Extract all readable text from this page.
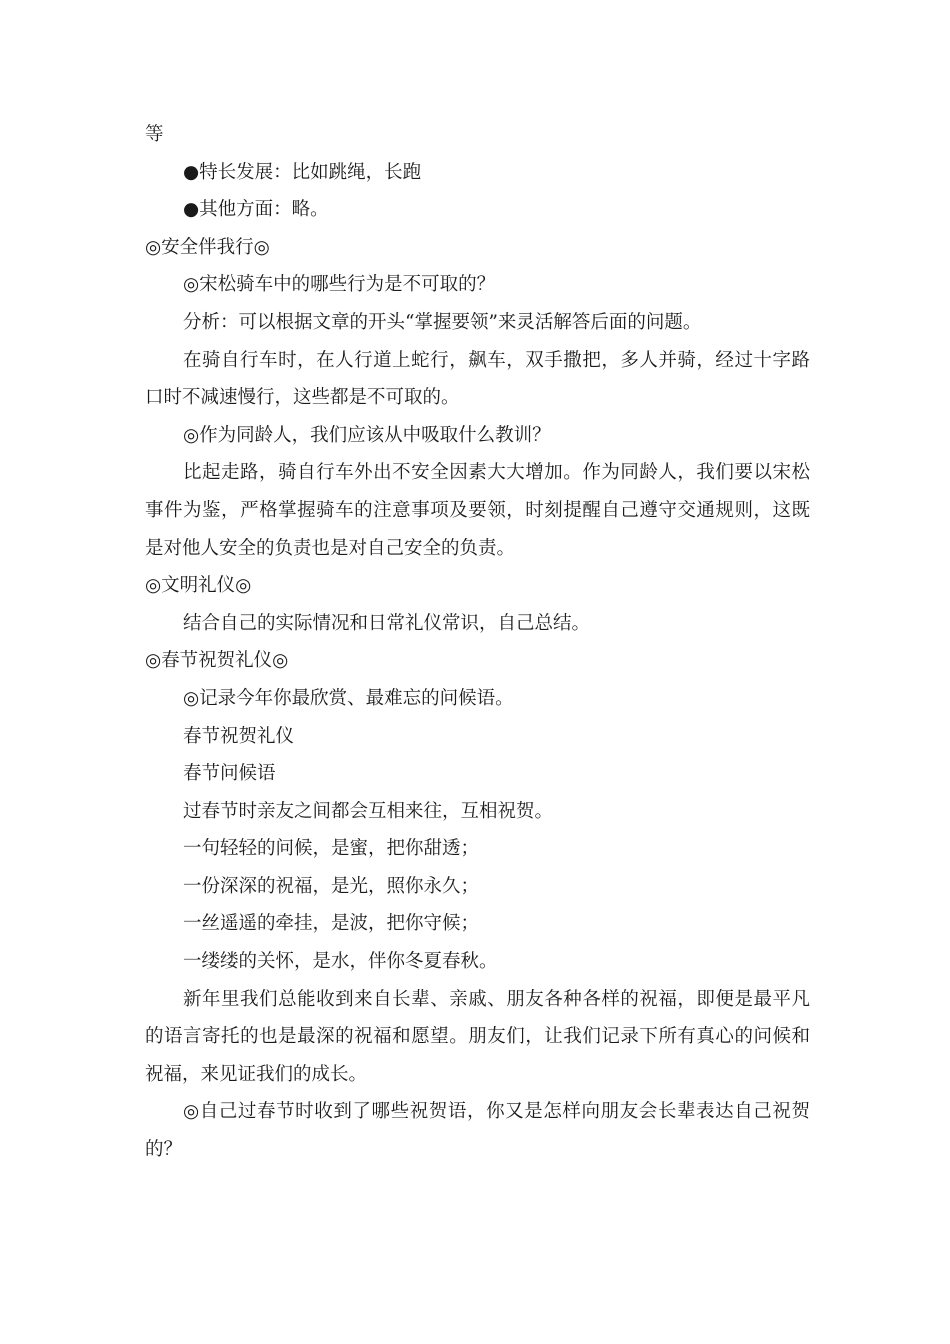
等

●特长发展：比如跳绳，长跑

●其他方面：略。

◎安全伴我行◎

◎宋松骑车中的哪些行为是不可取的？

分析：可以根据文章的开头“掌握要领”来灵活解答后面的问题。

在骑自行车时，在人行道上蛇行，飙车，双手撒把，多人并骑，经过十字路口时不减速慢行，这些都是不可取的。

◎作为同龄人，我们应该从中吸取什么教训？

比起走路，骑自行车外出不安全因素大大增加。作为同龄人，我们要以宋松事件为鉴，严格掌握骑车的注意事项及要领，时刻提醒自己遵守交通规则，这既是对他人安全的负责也是对自己安全的负责。

◎文明礼仪◎

结合自己的实际情况和日常礼仪常识，自己总结。

◎春节祝贺礼仪◎

◎记录今年你最欣赏、最难忘的问候语。

春节祝贺礼仪

春节问候语

过春节时亲友之间都会互相来往，互相祝贺。

一句轻轻的问候，是蜜，把你甜透；

一份深深的祝福，是光，照你永久；

一丝遥遥的牵挂，是波，把你守候；

一缕缕的关怀，是水，伴你冬夏春秋。

新年里我们总能收到来自长辈、亲戚、朋友各种各样的祝福，即便是最平凡的语言寄托的也是最深的祝福和愿望。朋友们，让我们记录下所有真心的问候和祝福，来见证我们的成长。

◎自己过春节时收到了哪些祝贺语，你又是怎样向朋友会长辈表达自己祝贺的？
